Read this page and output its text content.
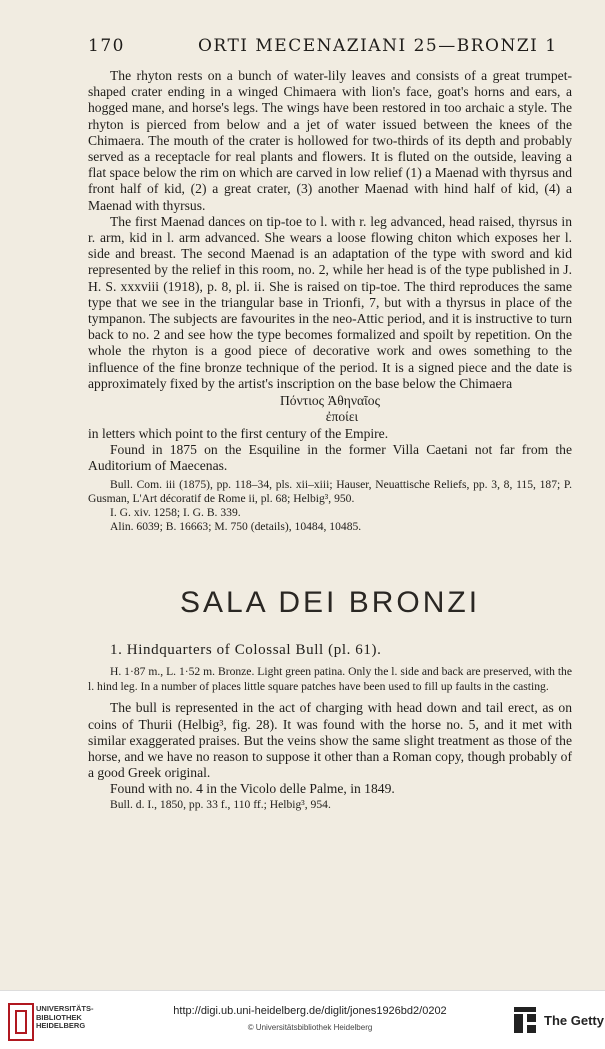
170	ORTI MECENAZIANI 25—BRONZI 1

The rhyton rests on a bunch of water-lily leaves and consists of a great trumpet-shaped crater ending in a winged Chimaera with lion's face, goat's horns and ears, a hogged mane, and horse's legs. The wings have been restored in too archaic a style. The rhyton is pierced from below and a jet of water issued between the knees of the Chimaera. The mouth of the crater is hollowed for two-thirds of its depth and probably served as a receptacle for real plants and flowers. It is fluted on the outside, leaving a flat space below the rim on which are carved in low relief (1) a Maenad with thyrsus and front half of kid, (2) a great crater, (3) another Maenad with hind half of kid, (4) a Maenad with thyrsus.

The first Maenad dances on tip-toe to l. with r. leg advanced, head raised, thyrsus in r. arm, kid in l. arm advanced. She wears a loose flowing chiton which exposes her l. side and breast. The second Maenad is an adaptation of the type with sword and kid represented by the relief in this room, no. 2, while her head is of the type published in J. H. S. xxxviii (1918), p. 8, pl. ii. She is raised on tip-toe. The third reproduces the same type that we see in the triangular base in Trionfi, 7, but with a thyrsus in place of the tympanon. The subjects are favourites in the neo-Attic period, and it is instructive to turn back to no. 2 and see how the type becomes formalized and spoilt by repetition. On the whole the rhyton is a good piece of decorative work and owes something to the influence of the fine bronze technique of the period. It is a signed piece and the date is approximately fixed by the artist's inscription on the base below the Chimaera

Πόντιος Ἀθηναῖος
ἐποίει

in letters which point to the first century of the Empire.

Found in 1875 on the Esquiline in the former Villa Caetani not far from the Auditorium of Maecenas.

Bull. Com. iii (1875), pp. 118–34, pls. xii–xiii; Hauser, Neuattische Reliefs, pp. 3, 8, 115, 187; P. Gusman, L'Art décoratif de Rome ii, pl. 68; Helbig³, 950.

I. G. xiv. 1258; I. G. B. 339.

Alin. 6039; B. 16663; M. 750 (details), 10484, 10485.

SALA DEI BRONZI
1. Hindquarters of Colossal Bull (pl. 61).

H. 1·87 m., L. 1·52 m. Bronze. Light green patina. Only the l. side and back are preserved, with the l. hind leg. In a number of places little square patches have been used to fill up faults in the casting.

The bull is represented in the act of charging with head down and tail erect, as on coins of Thurii (Helbig³, fig. 28). It was found with the horse no. 5, and it met with similar exaggerated praises. But the veins show the same slight treatment as those of the horse, and we have no reason to suppose it other than a Roman copy, though probably of a good Greek original.

Found with no. 4 in the Vicolo delle Palme, in 1849.

Bull. d. I., 1850, pp. 33 f., 110 ff.; Helbig³, 954.

UNIVERSITÄTS-
BIBLIOTHEK
HEIDELBERG
http://digi.ub.uni-heidelberg.de/diglit/jones1926bd2/0202
© Universitätsbibliothek Heidelberg	The Getty
